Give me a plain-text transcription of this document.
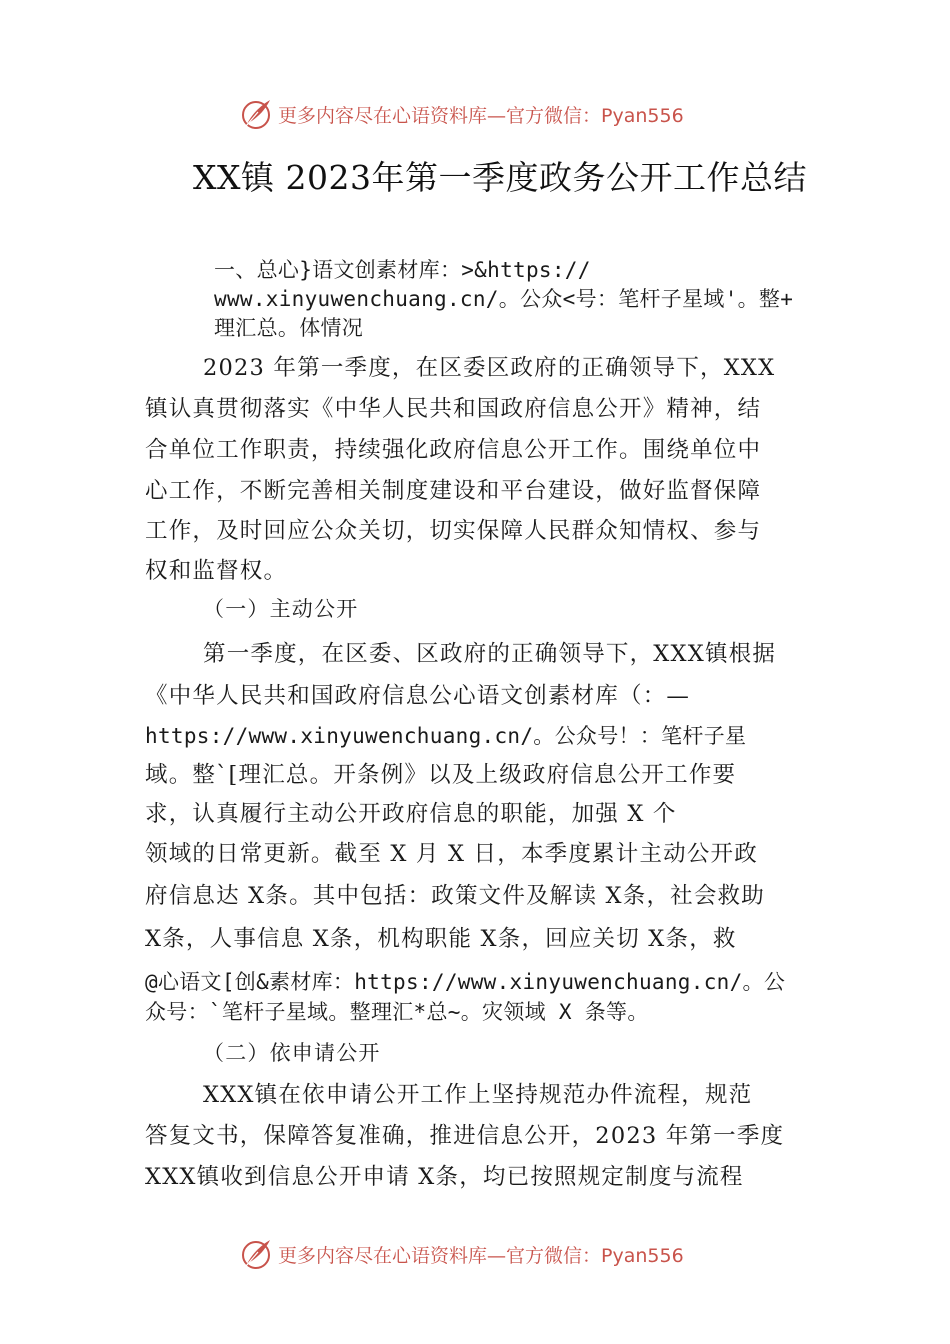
更多内容尽在心语资料库—官方微信：Pyan556
XX镇 2023年第一季度政务公开工作总结
一、总心}语文创素材库：>&https://
www.xinyuwenchuang.cn/。公众<号：笔杆子星域'。整+
理汇总。体情况
2023 年第一季度，在区委区政府的正确领导下，XXX
镇认真贯彻落实《中华人民共和国政府信息公开》精神，结
合单位工作职责，持续强化政府信息公开工作。围绕单位中
心工作，不断完善相关制度建设和平台建设，做好监督保障
工作，及时回应公众关切，切实保障人民群众知情权、参与
权和监督权。
（一）主动公开
第一季度，在区委、区政府的正确领导下，XXX镇根据
《中华人民共和国政府信息公心语文创素材库（：—
https://www.xinyuwenchuang.cn/。公众号！：笔杆子星
域。整`[理汇总。开条例》以及上级政府信息公开工作要
求，认真履行主动公开政府信息的职能，加强 X 个
领域的日常更新。截至 X 月 X 日，本季度累计主动公开政
府信息达 X条。其中包括：政策文件及解读 X条，社会救助
X条，人事信息 X条，机构职能 X条，回应关切 X条，救
@心语文[创&素材库：https://www.xinyuwenchuang.cn/。公
众号：`笔杆子星域。整理汇*总~。灾领域 X 条等。
（二）依申请公开
XXX镇在依申请公开工作上坚持规范办件流程，规范
答复文书，保障答复准确，推进信息公开，2023 年第一季度
XXX镇收到信息公开申请 X条，均已按照规定制度与流程
更多内容尽在心语资料库—官方微信：Pyan556
